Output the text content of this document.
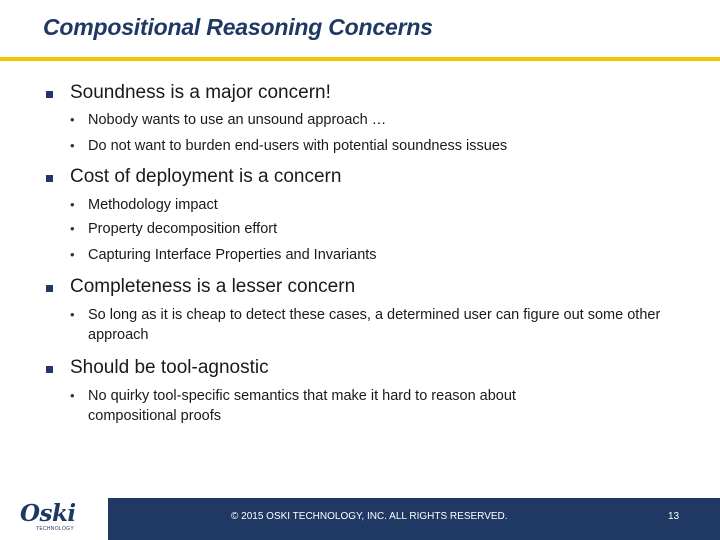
Compositional Reasoning Concerns
Soundness is a major concern!
• Nobody wants to use an unsound approach …
• Do not want to burden end-users with potential soundness issues
Cost of deployment is a concern
• Methodology impact
• Property decomposition effort
• Capturing Interface Properties and Invariants
Completeness is a lesser concern
• So long as it is cheap to detect these cases, a determined user can figure out some other approach
Should be tool-agnostic
• No quirky tool-specific semantics that make it hard to reason about compositional proofs
Oski
TECHNOLOGY
© 2015 OSKI TECHNOLOGY, INC. ALL RIGHTS RESERVED.	13
